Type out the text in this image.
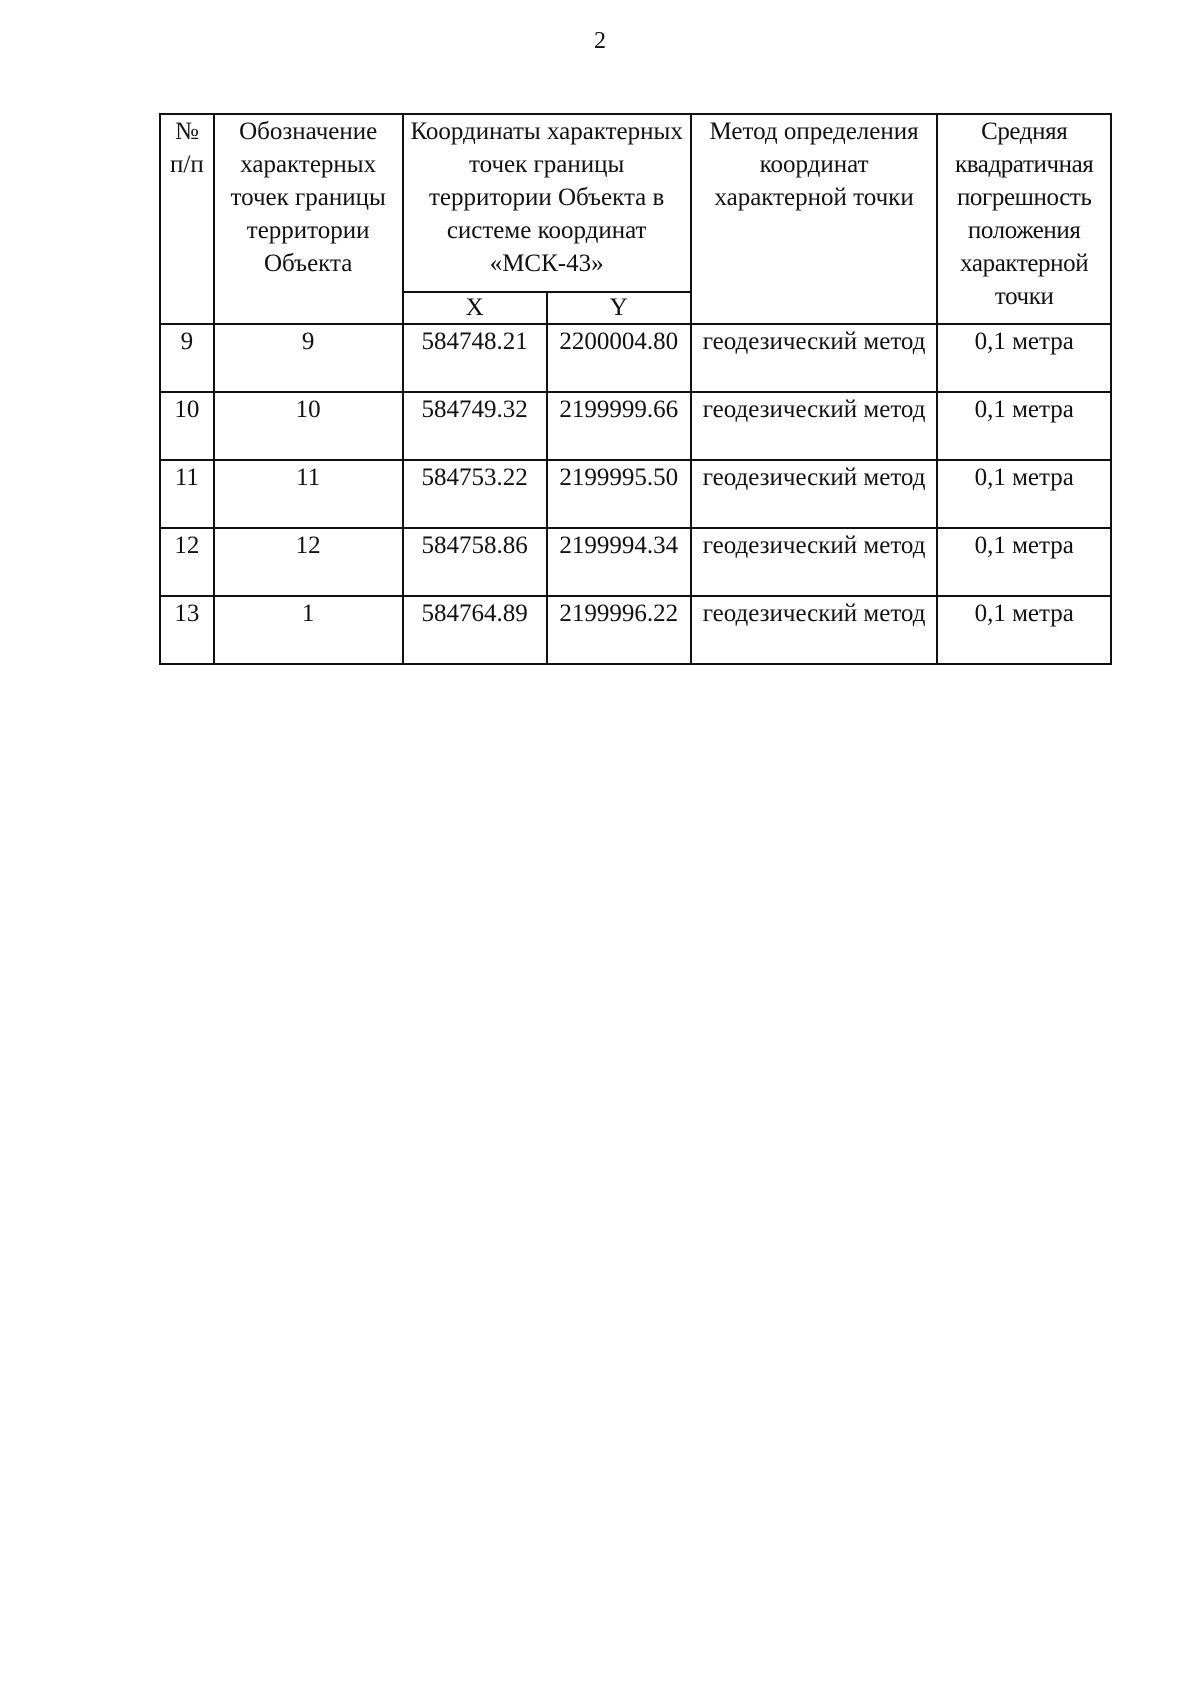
2
№ п/п	Обозначение характерных точек границы территории Объекта	Координаты характерных точек границы территории Объекта в системе координат «МСК-43»		Метод определения координат характерной точки	Средняя квадратичная погрешность положения характерной точки
		X	Y		
9	9	584748.21	2200004.80	геодезический метод	0,1 метра
10	10	584749.32	2199999.66	геодезический метод	0,1 метра
11	11	584753.22	2199995.50	геодезический метод	0,1 метра
12	12	584758.86	2199994.34	геодезический метод	0,1 метра
13	1	584764.89	2199996.22	геодезический метод	0,1 метра
